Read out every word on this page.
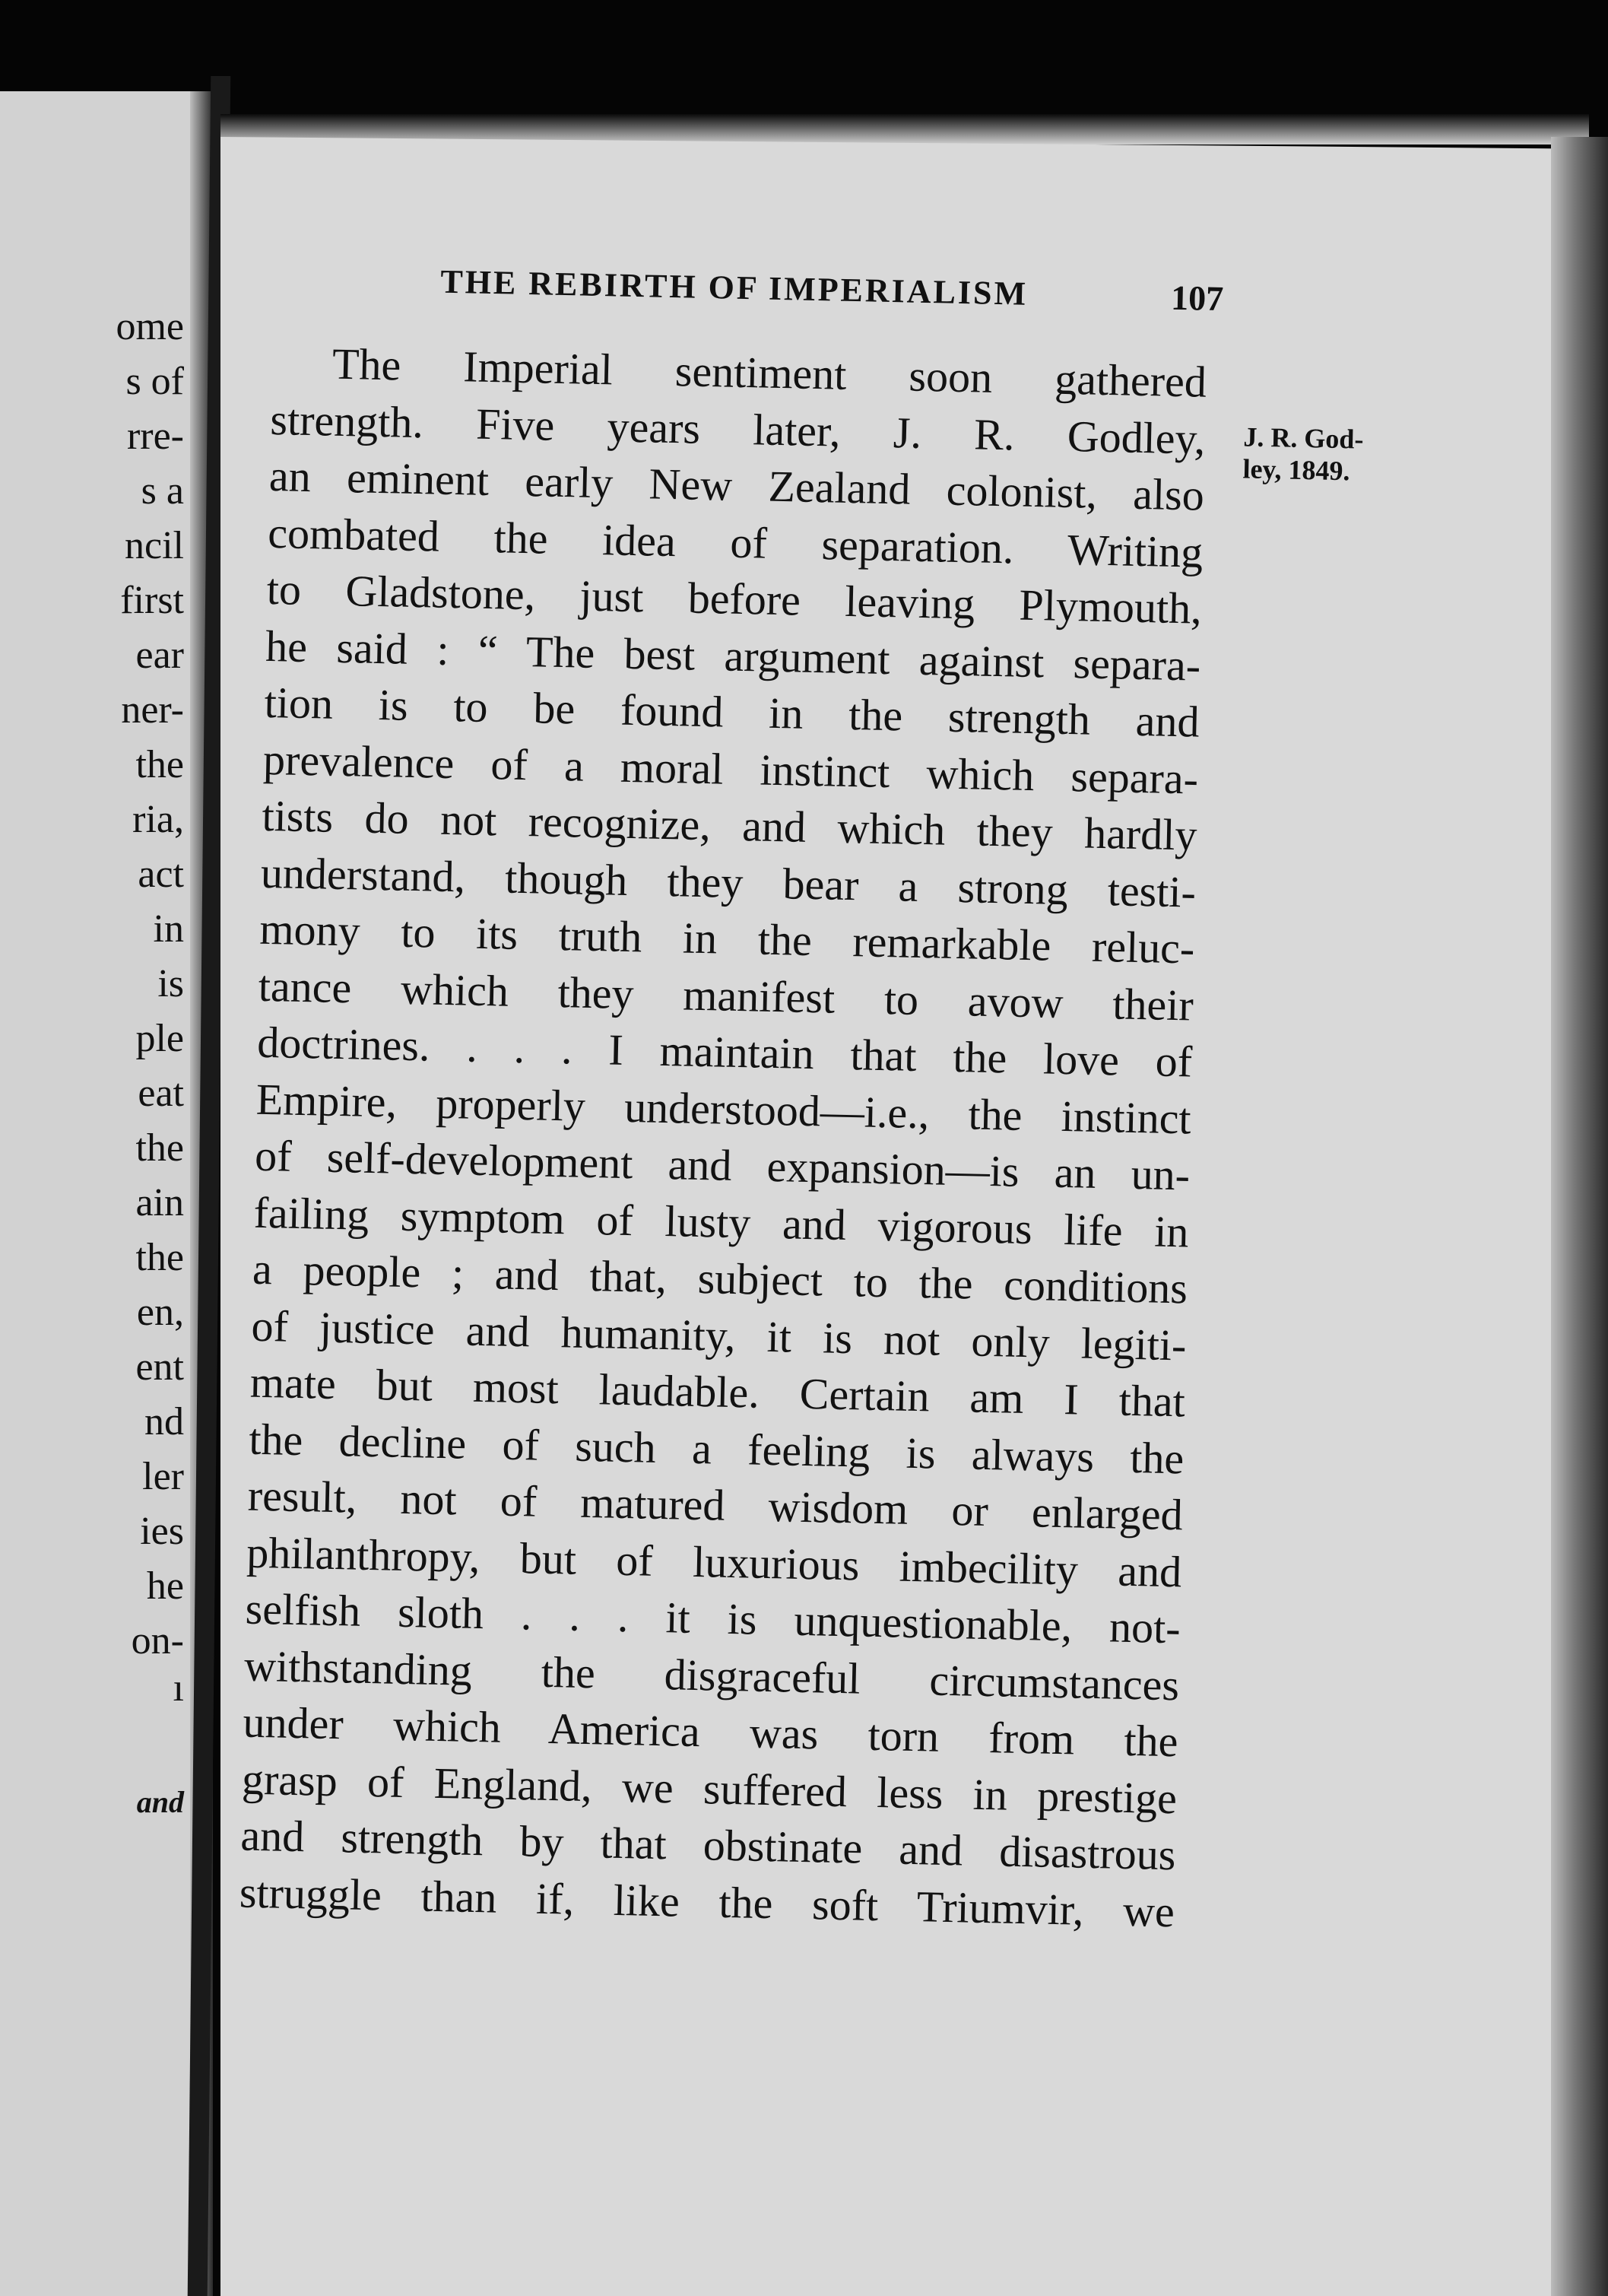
ome
s of
rre-
s a
ncil
first
ear
ner-
the
ria,
act
in
is
ple
eat
the
ain
the
en,
ent
nd
ler
ies
he
on-
ı
and
THE REBIRTH OF IMPERIALISM	107
The Imperial sentiment soon gathered
strength. Five years later, J. R. Godley,
an eminent early New Zealand colonist, also
combated the idea of separation. Writing
to Gladstone, just before leaving Plymouth,
he said : “ The best argument against separa-
tion is to be found in the strength and
prevalence of a moral instinct which separa-
tists do not recognize, and which they hardly
understand, though they bear a strong testi-
mony to its truth in the remarkable reluc-
tance which they manifest to avow their
doctrines. . . . I maintain that the love of
Empire, properly understood—i.e., the instinct
of self-development and expansion—is an un-
failing symptom of lusty and vigorous life in
a people ; and that, subject to the conditions
of justice and humanity, it is not only legiti-
mate but most laudable. Certain am I that
the decline of such a feeling is always the
result, not of matured wisdom or enlarged
philanthropy, but of luxurious imbecility and
selfish sloth . . . it is unquestionable, not-
withstanding the disgraceful circumstances
under which America was torn from the
grasp of England, we suffered less in prestige
and strength by that obstinate and disastrous
struggle than if, like the soft Triumvir, we
J. R. God-
ley, 1849.
